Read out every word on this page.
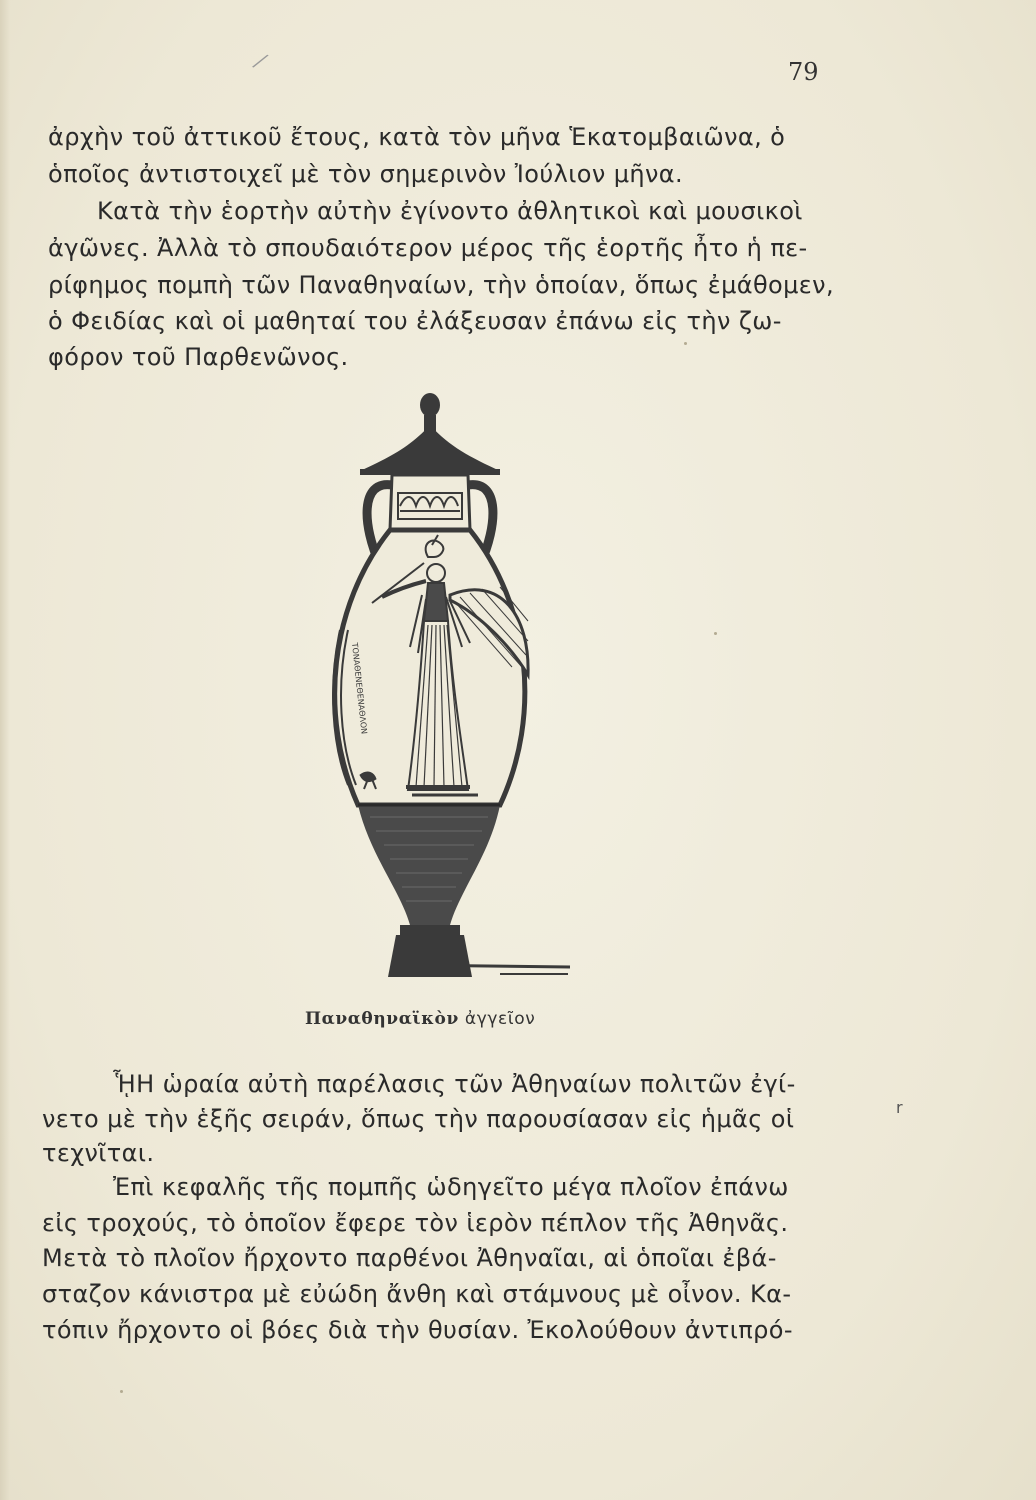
⁄	79
ἀρχὴν τοῦ ἀττικοῦ ἔτους, κατὰ τὸν μῆνα Ἑκατομβαιῶνα, ὁ
ὁποῖος ἀντιστοιχεῖ μὲ τὸν σημερινὸν Ἰούλιον μῆνα.
Κατὰ τὴν ἑορτὴν αὐτὴν ἐγίνοντο ἀθλητικοὶ καὶ μουσικοὶ
ἀγῶνες. Ἀλλὰ τὸ σπουδαιότερον μέρος τῆς ἑορτῆς ἦτο ἡ πε-
ρίφημος πομπὴ τῶν Παναθηναίων, τὴν ὁποίαν, ὅπως ἐμάθομεν,
ὁ Φειδίας καὶ οἱ μαθηταί του ἐλάξευσαν ἐπάνω εἰς τὴν ζω-
φόρον τοῦ Παρθενῶνος.
ΤΟΝΑΘΕΝΕΘΕΝΑΘΛΟΝ
Παναθηναϊκὸν ἀγγεῖον
ᾟΗ ὡραία αὐτὴ παρέλασις τῶν Ἀθηναίων πολιτῶν ἐγί-
νετο μὲ τὴν ἑξῆς σειράν, ὅπως τὴν παρουσίασαν εἰς ἡμᾶς οἱ
τεχνῖται.
r
Ἐπὶ κεφαλῆς τῆς πομπῆς ὡδηγεῖτο μέγα πλοῖον ἐπάνω
εἰς τροχούς, τὸ ὁποῖον ἔφερε τὸν ἱερὸν πέπλον τῆς Ἀθηνᾶς.
Μετὰ τὸ πλοῖον ἤρχοντο παρθένοι Ἀθηναῖαι, αἱ ὁποῖαι ἐβά-
σταζον κάνιστρα μὲ εὐώδη ἄνθη καὶ στάμνους μὲ οἶνον. Κα-
τόπιν ἤρχοντο οἱ βόες διὰ τὴν θυσίαν. Ἐκολούθουν ἀντιπρό-
